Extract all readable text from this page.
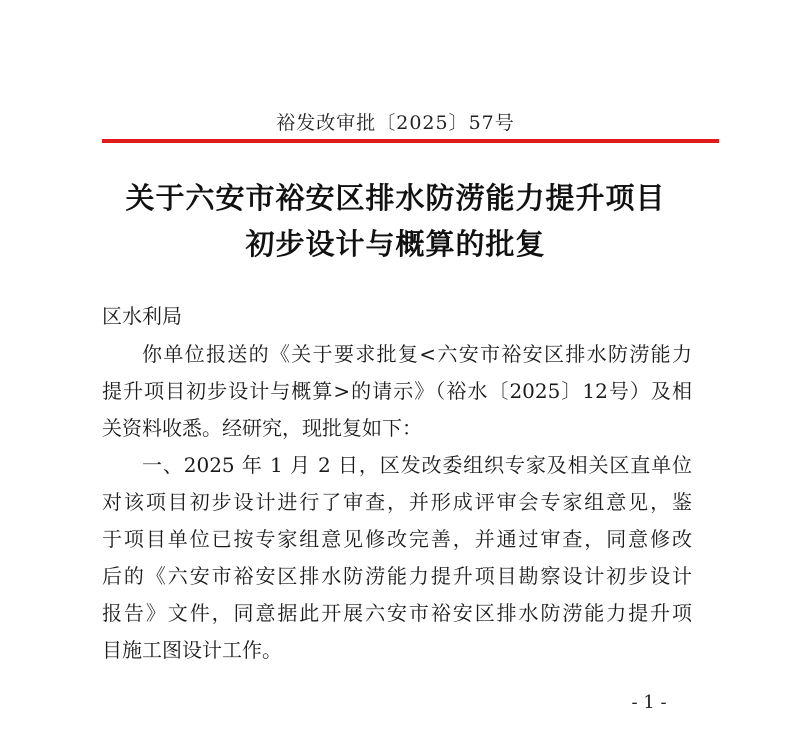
裕发改审批〔2025〕57号
关于六安市裕安区排水防涝能力提升项目
初步设计与概算的批复
区水利局
你单位报送的《关于要求批复<六安市裕安区排水防涝能力
提升项目初步设计与概算>的请示》（裕水〔2025〕12号）及相
关资料收悉。经研究，现批复如下：
一、2025 年 1 月 2 日，区发改委组织专家及相关区直单位
对该项目初步设计进行了审查，并形成评审会专家组意见，鉴
于项目单位已按专家组意见修改完善，并通过审查，同意修改
后的《六安市裕安区排水防涝能力提升项目勘察设计初步设计
报告》文件，同意据此开展六安市裕安区排水防涝能力提升项
目施工图设计工作。
- 1 -
